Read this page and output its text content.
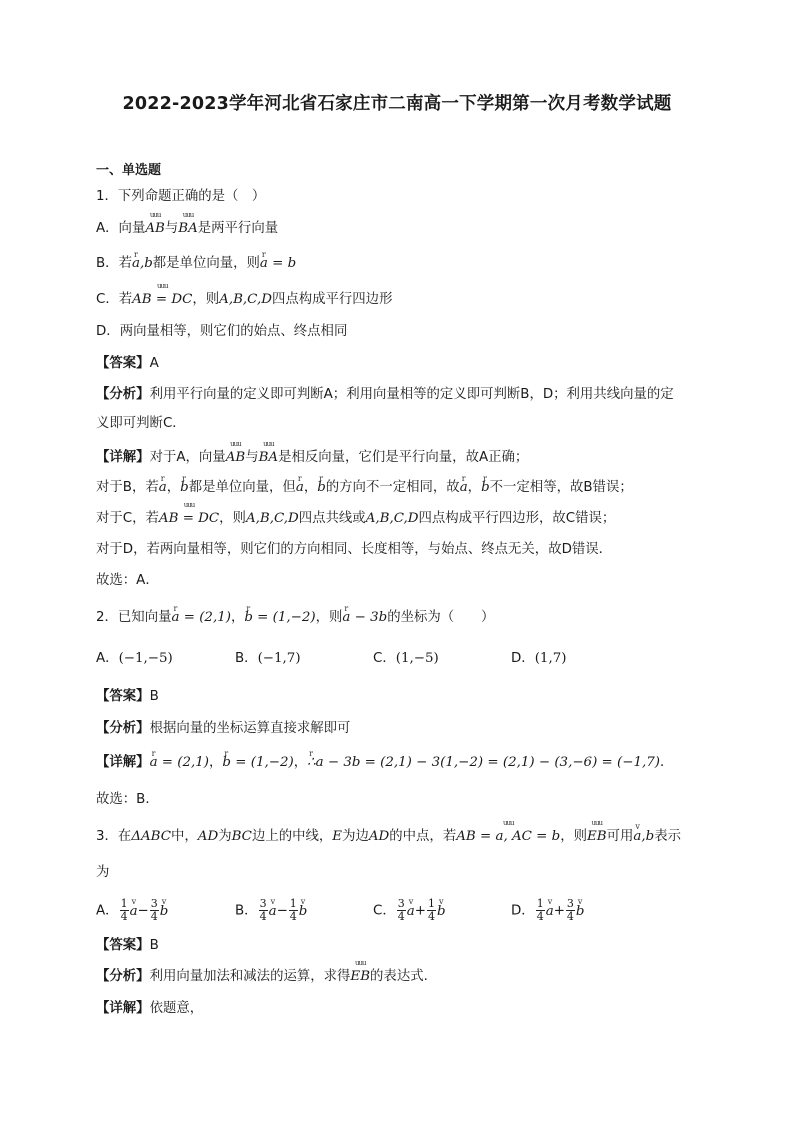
2022-2023学年河北省石家庄市二南高一下学期第一次月考数学试题
一、单选题
1．下列命题正确的是（　）
A．向量uuu AB与uuu BA是两平行向量
B．若r a,b都是单位向量，则r a = b
C．若uuu AB = DC，则A,B,C,D四点构成平行四边形
D．两向量相等，则它们的始点、终点相同
【答案】A
【分析】利用平行向量的定义即可判断A；利用向量相等的定义即可判断B，D；利用共线向量的定
义即可判断C．
【详解】对于A，向量uuu AB与uuu BA是相反向量，它们是平行向量，故A正确；
对于B，若r a，r b都是单位向量，但r a，r b的方向不一定相同，故r a，r b不一定相等，故B错误；
对于C，若uuu AB = DC，则A,B,C,D四点共线或A,B,C,D四点构成平行四边形，故C错误；
对于D，若两向量相等，则它们的方向相同、长度相等，与始点、终点无关，故D错误．
故选：A．
2．已知向量r a = (2,1)，r b = (1,−2)，则r a − 3b的坐标为（　　）
A．(−1,−5)	B．(−1,7)	C．(1,−5)	D．(1,7)
【答案】B
【分析】根据向量的坐标运算直接求解即可
【详解】r a = (2,1)，r b = (1,−2)，r ∴a − 3b = (2,1) − 3(1,−2) = (2,1) − (3,−6) = (−1,7)．
故选：B．
3．在ΔABC中，AD为BC边上的中线，E为边AD的中点，若uuu AB = a, AC = b，则uuu EB可用v a,b表示
为
A． $\frac{1}{4}$ v $a- \frac{3}{4}$ v b	B． $\frac{3}{4}$ v $a- \frac{1}{4}$ v b	C． $\frac{3}{4}$ v $a+ \frac{1}{4}$ v b	D． $\frac{1}{4}$ v $a+ \frac{3}{4}$ v b
【答案】B
【分析】利用向量加法和减法的运算，求得uuu EB的表达式.
【详解】依题意，
